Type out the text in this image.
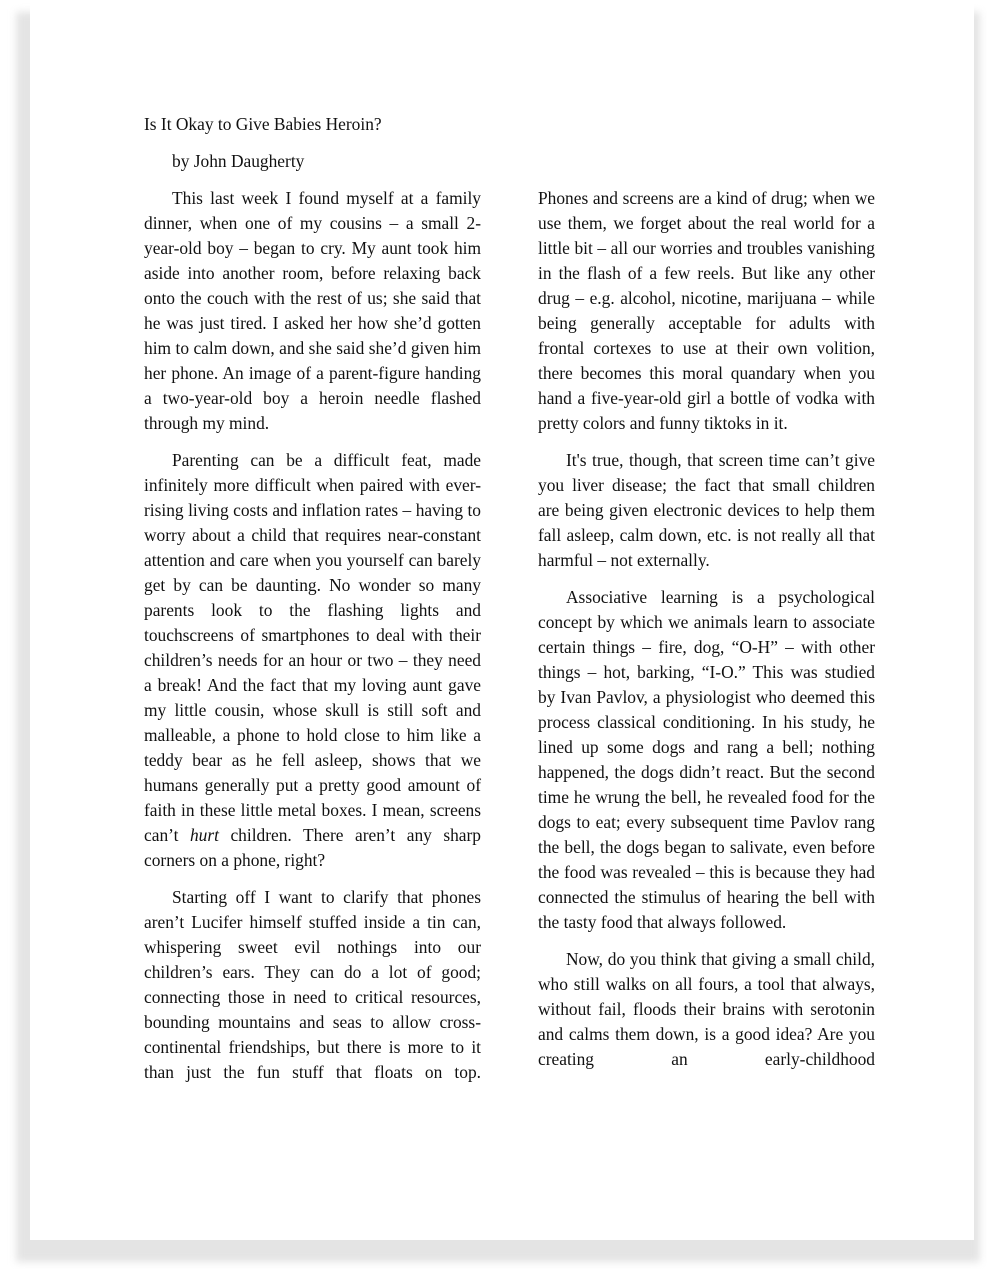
Is It Okay to Give Babies Heroin?
by John Daugherty

This last week I found myself at a family dinner, when one of my cousins – a small 2-year-old boy – began to cry. My aunt took him aside into another room, before relaxing back onto the couch with the rest of us; she said that he was just tired. I asked her how she’d gotten him to calm down, and she said she’d given him her phone. An image of a parent-figure handing a two-year-old boy a heroin needle flashed through my mind.

Parenting can be a difficult feat, made infinitely more difficult when paired with ever-rising living costs and inflation rates – having to worry about a child that requires near-constant attention and care when you yourself can barely get by can be daunting. No wonder so many parents look to the flashing lights and touchscreens of smartphones to deal with their children’s needs for an hour or two – they need a break! And the fact that my loving aunt gave my little cousin, whose skull is still soft and malleable, a phone to hold close to him like a teddy bear as he fell asleep, shows that we humans generally put a pretty good amount of faith in these little metal boxes. I mean, screens can’t hurt children. There aren’t any sharp corners on a phone, right?

Starting off I want to clarify that phones aren’t Lucifer himself stuffed inside a tin can, whispering sweet evil nothings into our children’s ears. They can do a lot of good; connecting those in need to critical resources, bounding mountains and seas to allow cross-continental friendships, but there is more to it than just the fun stuff that floats on top.

Phones and screens are a kind of drug; when we use them, we forget about the real world for a little bit – all our worries and troubles vanishing in the flash of a few reels. But like any other drug – e.g. alcohol, nicotine, marijuana – while being generally acceptable for adults with frontal cortexes to use at their own volition, there becomes this moral quandary when you hand a five-year-old girl a bottle of vodka with pretty colors and funny tiktoks in it.

It's true, though, that screen time can’t give you liver disease; the fact that small children are being given electronic devices to help them fall asleep, calm down, etc. is not really all that harmful – not externally.

Associative learning is a psychological concept by which we animals learn to associate certain things – fire, dog, “O-H” – with other things – hot, barking, “I-O.” This was studied by Ivan Pavlov, a physiologist who deemed this process classical conditioning. In his study, he lined up some dogs and rang a bell; nothing happened, the dogs didn’t react. But the second time he wrung the bell, he revealed food for the dogs to eat; every subsequent time Pavlov rang the bell, the dogs began to salivate, even before the food was revealed – this is because they had connected the stimulus of hearing the bell with the tasty food that always followed.

Now, do you think that giving a small child, who still walks on all fours, a tool that always, without fail, floods their brains with serotonin and calms them down, is a good idea? Are you creating an early-childhood
